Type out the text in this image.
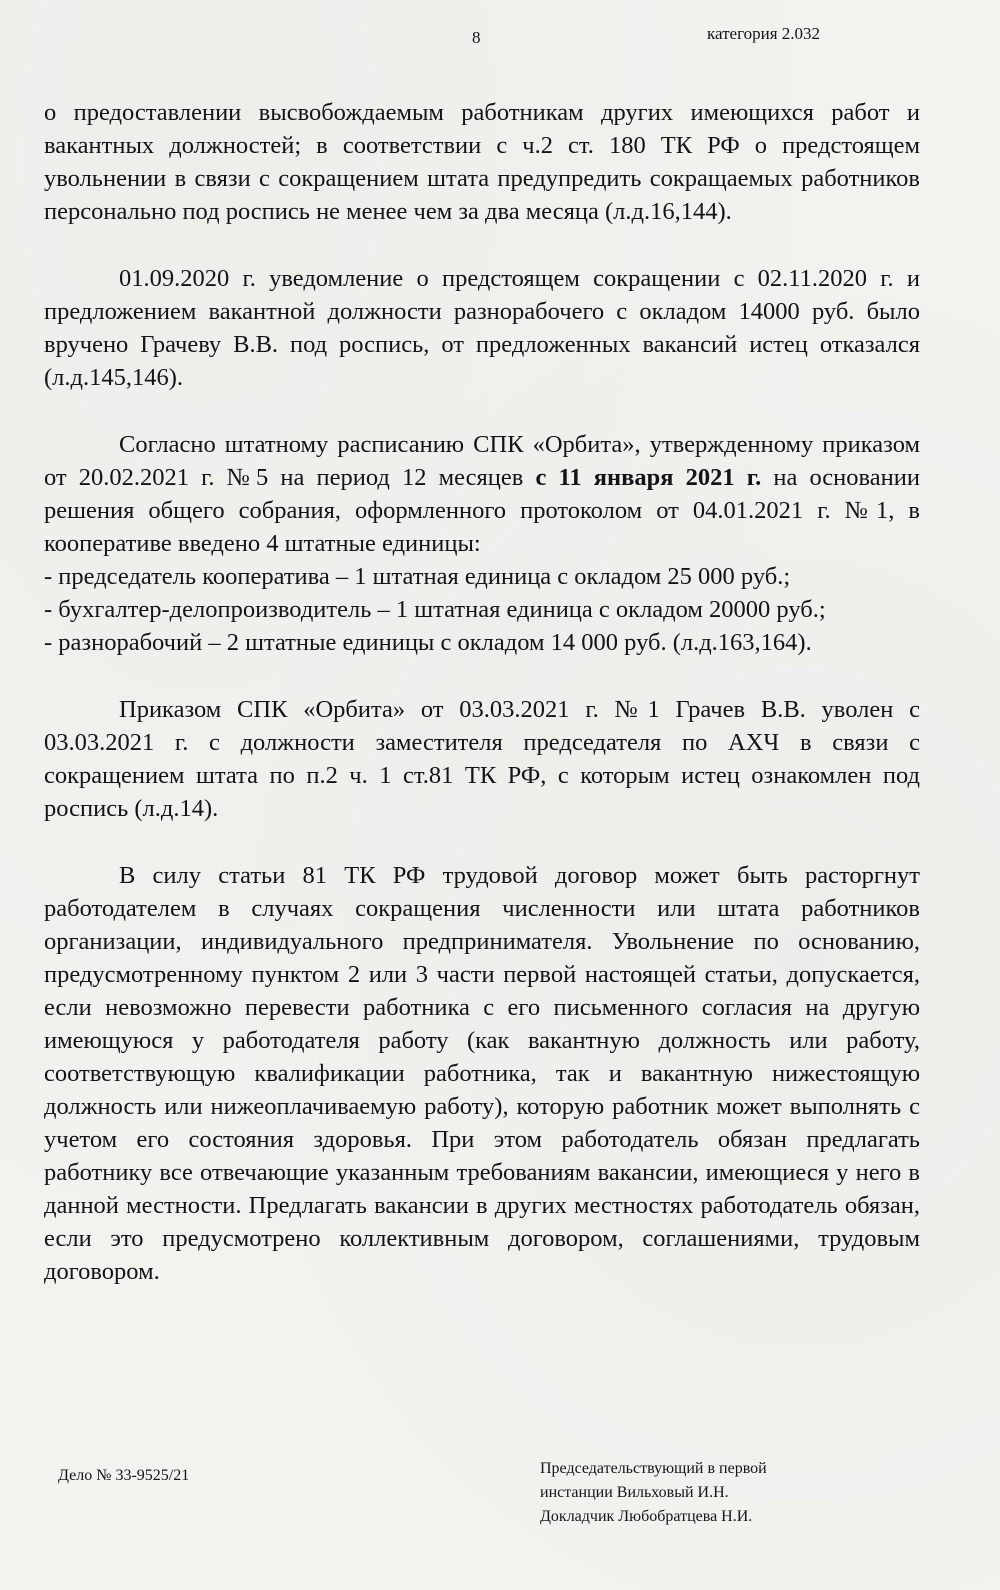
8	категория 2.032

о предоставлении высвобождаемым работникам других имеющихся работ и вакантных должностей; в соответствии с ч.2 ст. 180 ТК РФ о предстоящем увольнении в связи с сокращением штата предупредить сокращаемых работников персонально под роспись не менее чем за два месяца (л.д.16,144).

01.09.2020 г. уведомление о предстоящем сокращении с 02.11.2020 г. и предложением вакантной должности разнорабочего с окладом 14000 руб. было вручено Грачеву В.В. под роспись, от предложенных вакансий истец отказался (л.д.145,146).

Согласно штатному расписанию СПК «Орбита», утвержденному приказом от 20.02.2021 г. №5 на период 12 месяцев с 11 января 2021 г. на основании решения общего собрания, оформленного протоколом от 04.01.2021 г. №1, в кооперативе введено 4 штатные единицы:

- председатель кооператива – 1 штатная единица с окладом 25 000 руб.;

- бухгалтер-делопроизводитель – 1 штатная единица с окладом 20000 руб.;

- разнорабочий – 2 штатные единицы с окладом 14 000 руб. (л.д.163,164).

Приказом СПК «Орбита» от 03.03.2021 г. №1 Грачев В.В. уволен с 03.03.2021 г. с должности заместителя председателя по АХЧ в связи с сокращением штата по п.2 ч. 1 ст.81 ТК РФ, с которым истец ознакомлен под роспись (л.д.14).

В силу статьи 81 ТК РФ трудовой договор может быть расторгнут работодателем в случаях сокращения численности или штата работников организации, индивидуального предпринимателя. Увольнение по основанию, предусмотренному пунктом 2 или 3 части первой настоящей статьи, допускается, если невозможно перевести работника с его письменного согласия на другую имеющуюся у работодателя работу (как вакантную должность или работу, соответствующую квалификации работника, так и вакантную нижестоящую должность или нижеоплачиваемую работу), которую работник может выполнять с учетом его состояния здоровья. При этом работодатель обязан предлагать работнику все отвечающие указанным требованиям вакансии, имеющиеся у него в данной местности. Предлагать вакансии в других местностях работодатель обязан, если это предусмотрено коллективным договором, соглашениями, трудовым договором.

Дело № 33-9525/21	Председательствующий в первой
инстанции Вильховый И.Н.
Докладчик Любобратцева Н.И.
